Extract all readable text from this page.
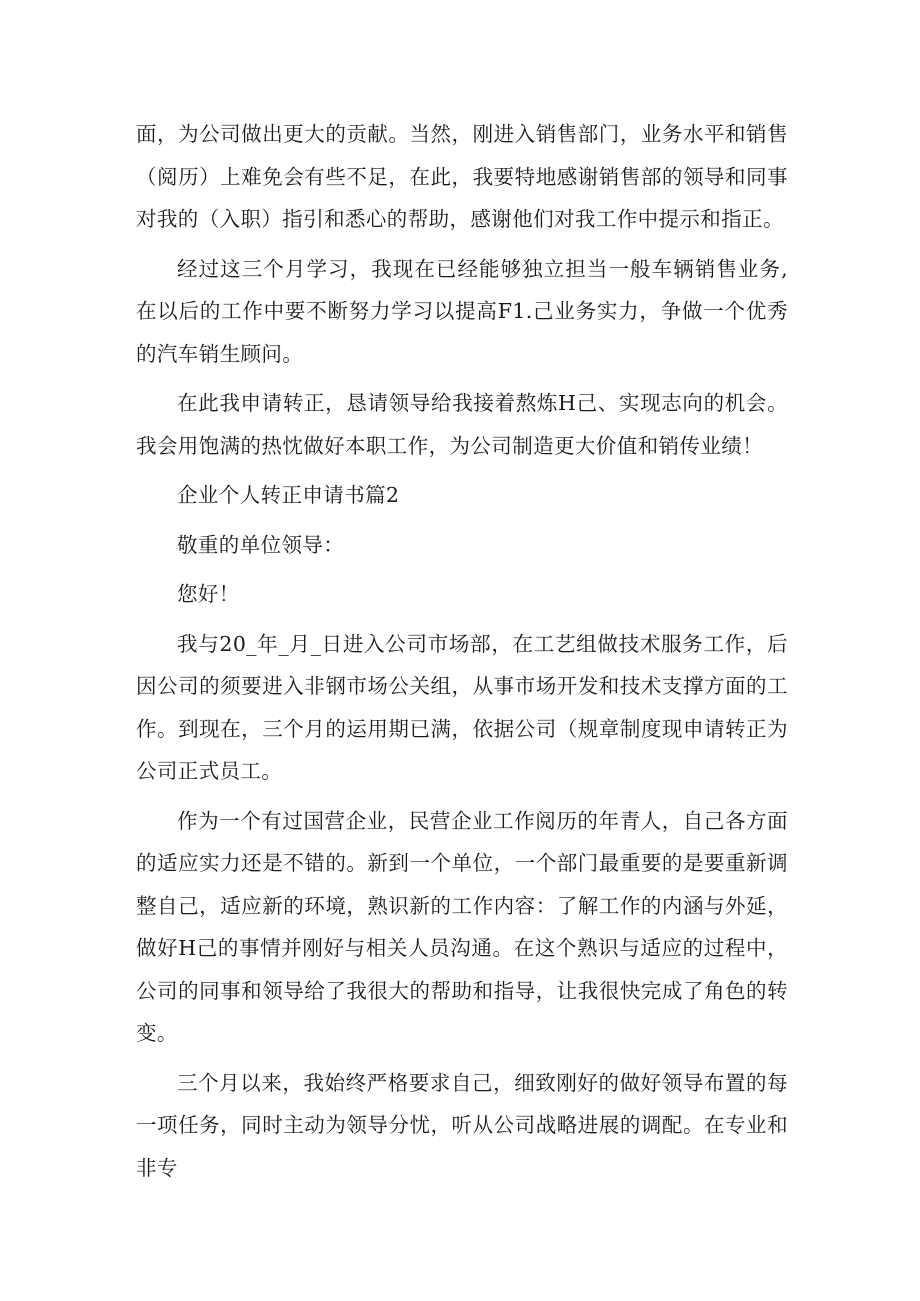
面，为公司做出更大的贡献。当然，刚进入销售部门，业务水平和销售（阅历）上难免会有些不足，在此，我要特地感谢销售部的领导和同事对我的（入职）指引和悉心的帮助，感谢他们对我工作中提示和指正。

经过这三个月学习，我现在已经能够独立担当一般车辆销售业务,在以后的工作中要不断努力学习以提高F1.己业务实力，争做一个优秀的汽车销生顾问。

在此我申请转正，恳请领导给我接着熬炼H己、实现志向的机会。我会用饱满的热忱做好本职工作，为公司制造更大价值和销传业绩！

企业个人转正申请书篇2

敬重的单位领导：

您好！

我与20_年_月_日进入公司市场部，在工艺组做技术服务工作，后因公司的须要进入非钢市场公关组，从事市场开发和技术支撑方面的工作。到现在，三个月的运用期已满，依据公司（规章制度现申请转正为公司正式员工。

作为一个有过国营企业，民营企业工作阅历的年青人，自己各方面的适应实力还是不错的。新到一个单位，一个部门最重要的是要重新调整自己，适应新的环境，熟识新的工作内容：了解工作的内涵与外延，做好H己的事情并刚好与相关人员沟通。在这个熟识与适应的过程中，公司的同事和领导给了我很大的帮助和指导，让我很快完成了角色的转变。

三个月以来，我始终严格要求自己，细致刚好的做好领导布置的每一项任务，同时主动为领导分忧，听从公司战略进展的调配。在专业和非专
